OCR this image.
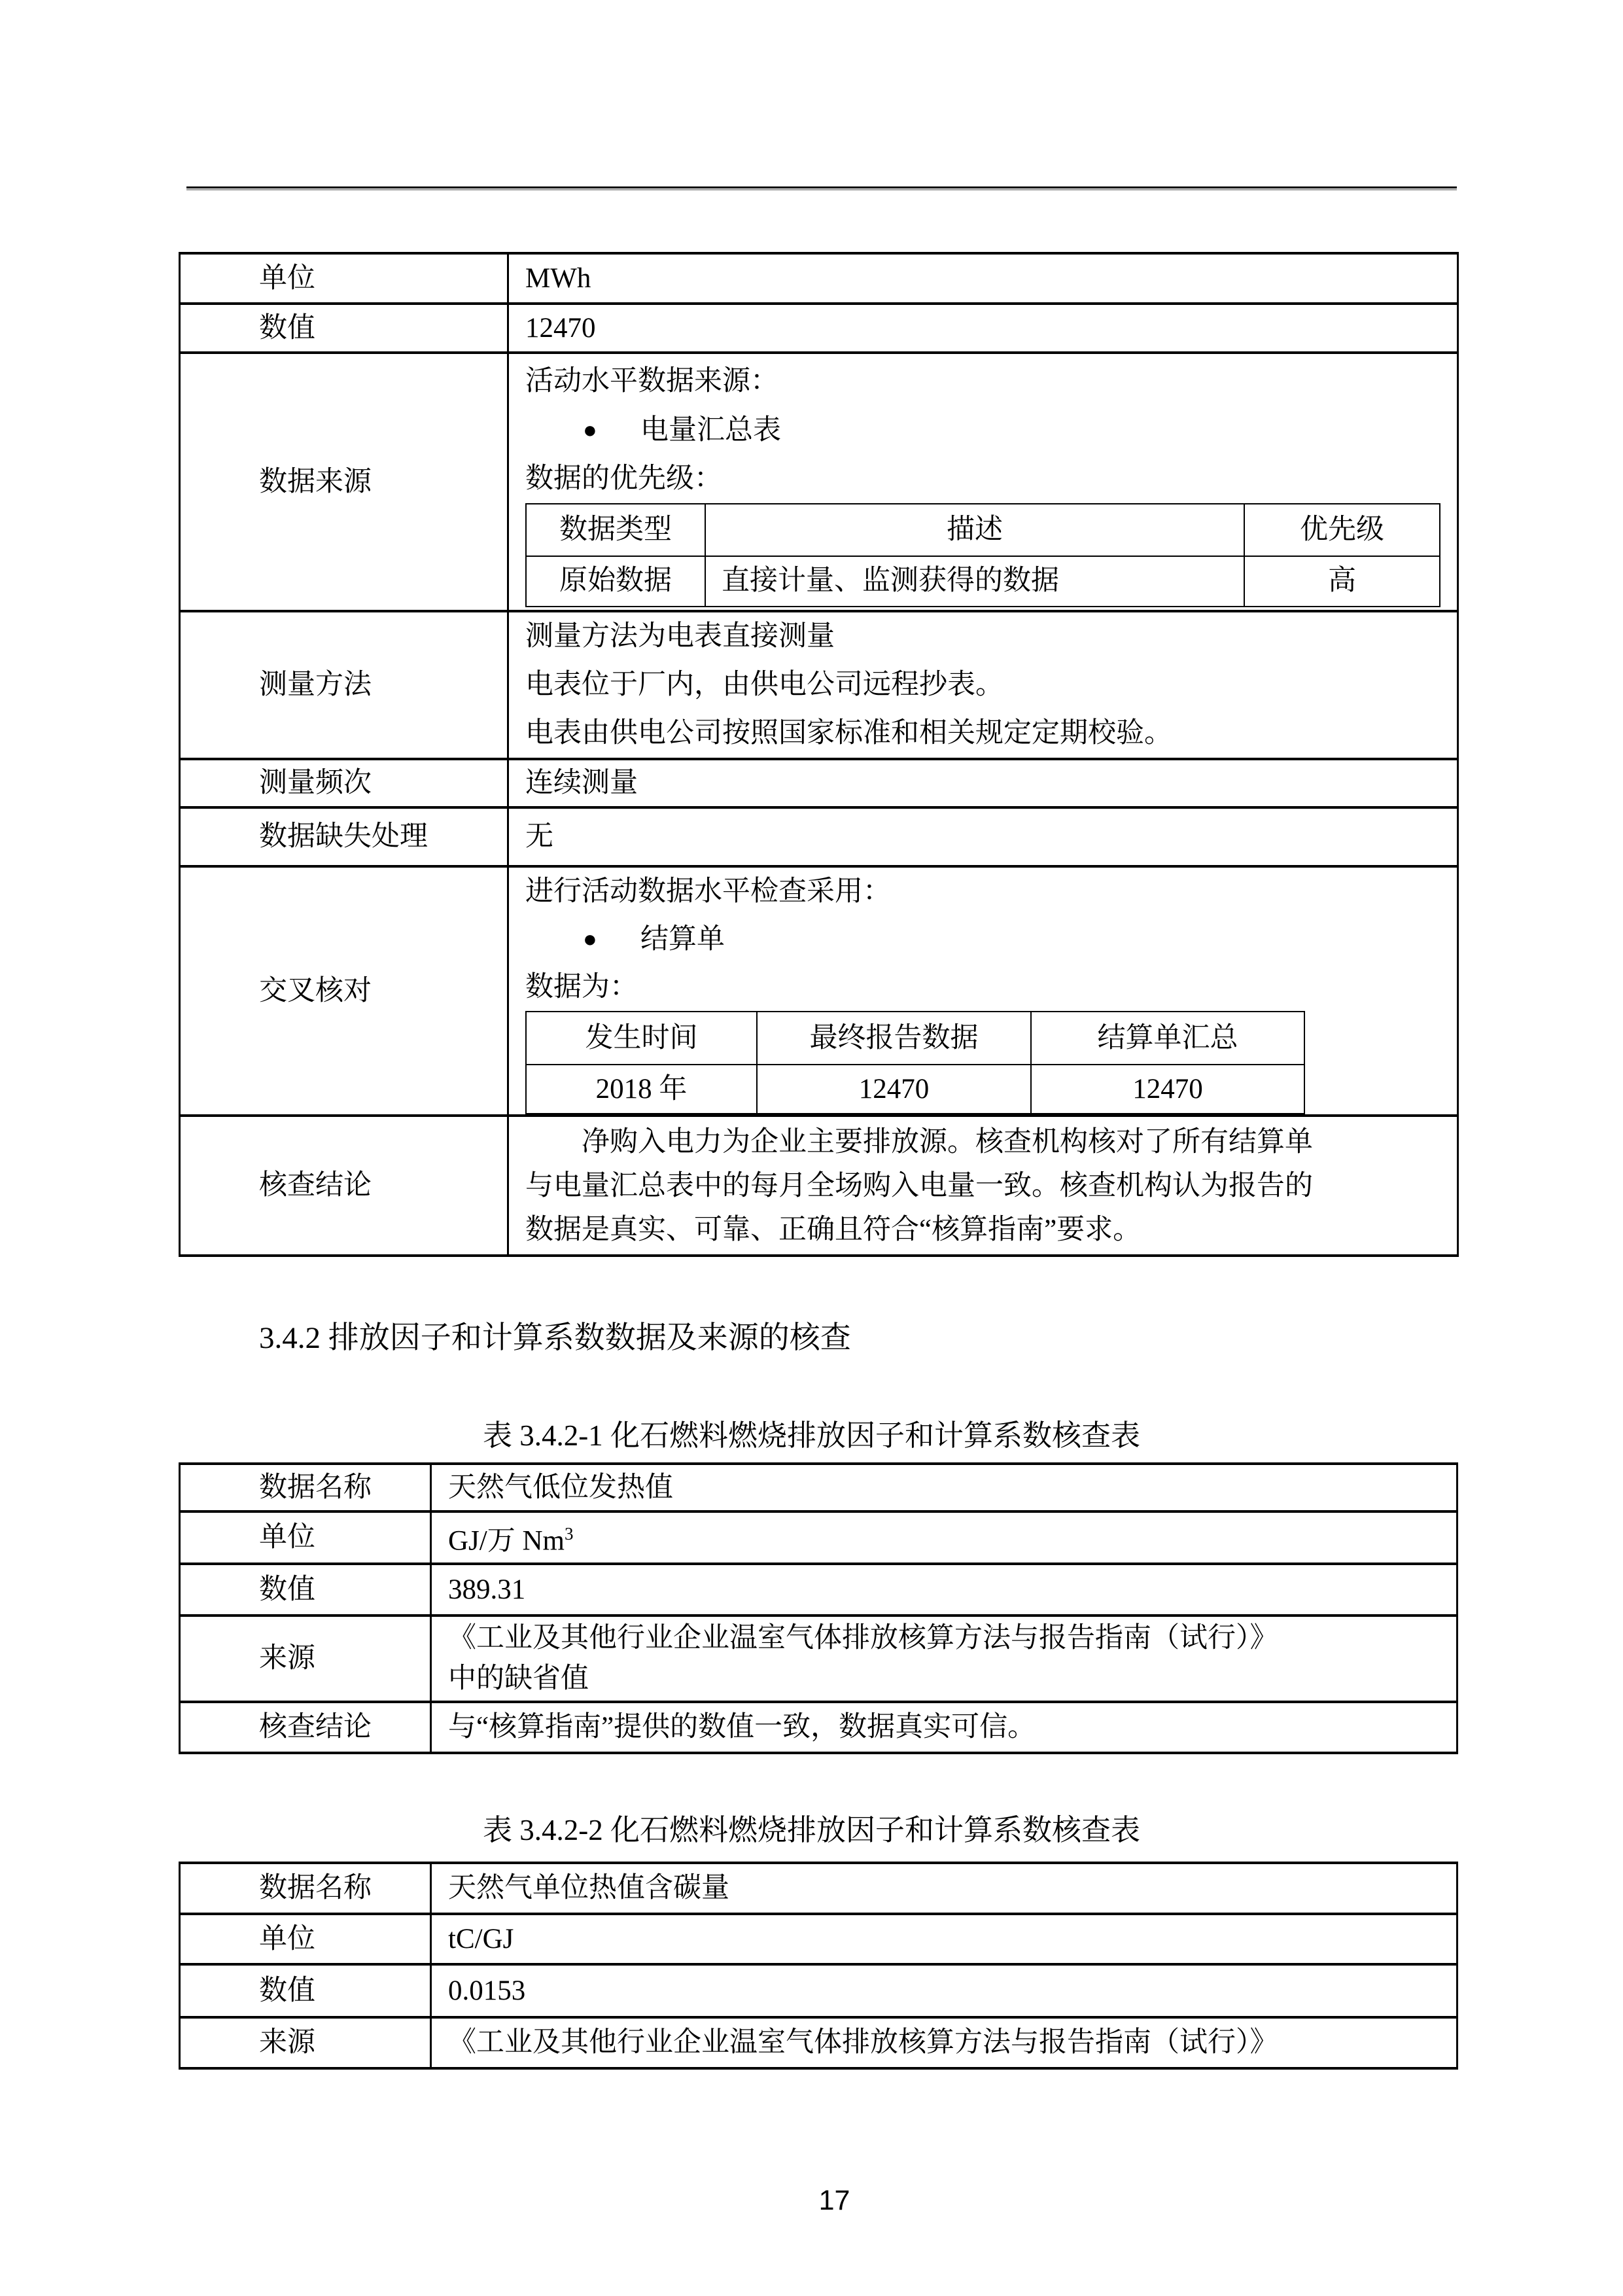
单位	MWh
数值	12470
数据来源	
活动水平数据来源：
● 电量汇总表
数据的优先级：
数据类型	描述	优先级
原始数据	直接计量、监测获得的数据	高

测量方法	
测量方法为电表直接测量
电表位于厂内，由供电公司远程抄表。
电表由供电公司按照国家标准和相关规定定期校验。

测量频次	连续测量
数据缺失处理	无
交叉核对	
进行活动数据水平检查采用：
● 结算单
数据为：
发生时间	最终报告数据	结算单汇总
2018 年	12470	12470

核查结论	
净购入电力为企业主要排放源。核查机构核对了所有结算单
与电量汇总表中的每月全场购入电量一致。核查机构认为报告的
数据是真实、可靠、正确且符合“核算指南”要求。
3.4.2 排放因子和计算系数数据及来源的核查
表 3.4.2-1 化石燃料燃烧排放因子和计算系数核查表
数据名称	天然气低位发热值
单位	GJ/万 Nm$^3$
数值	389.31
来源	《工业及其他行业企业温室气体排放核算方法与报告指南（试行）》
中的缺省值

核查结论	与“核算指南”提供的数值一致，数据真实可信。
表 3.4.2-2 化石燃料燃烧排放因子和计算系数核查表
数据名称	天然气单位热值含碳量
单位	tC/GJ
数值	0.0153
来源	《工业及其他行业企业温室气体排放核算方法与报告指南（试行）》
17
